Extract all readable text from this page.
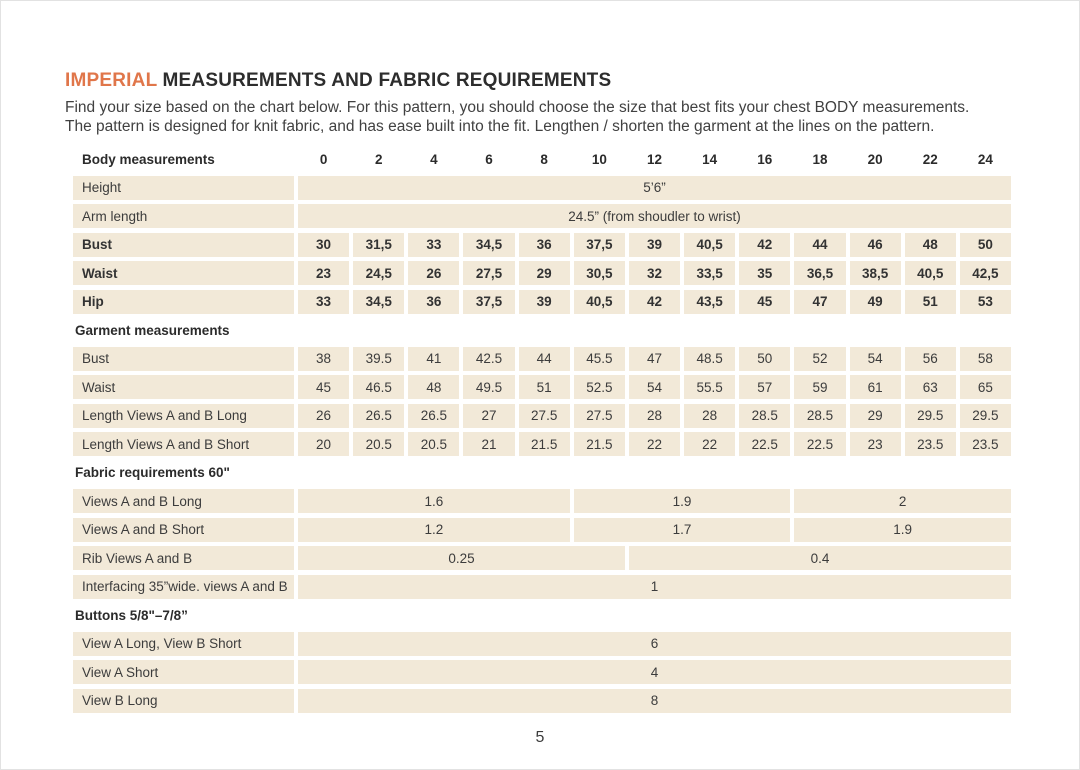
IMPERIAL MEASUREMENTS AND FABRIC REQUIREMENTS

Find your size based on the chart below. For this pattern, you should choose the size that best fits your chest BODY measurements.

The pattern is designed for knit fabric, and has ease built into the fit. Lengthen / shorten the garment at the lines on the pattern.

Body measurements	0	2	4	6	8	10	12	14	16	18	20	22	24
Height	5’6”
Arm length	24.5” (from shoudler to wrist)
Bust	30	31,5	33	34,5	36	37,5	39	40,5	42	44	46	48	50
Waist	23	24,5	26	27,5	29	30,5	32	33,5	35	36,5	38,5	40,5	42,5
Hip	33	34,5	36	37,5	39	40,5	42	43,5	45	47	49	51	53
Garment measurements
Bust	38	39.5	41	42.5	44	45.5	47	48.5	50	52	54	56	58
Waist	45	46.5	48	49.5	51	52.5	54	55.5	57	59	61	63	65
Length Views A and B Long	26	26.5	26.5	27	27.5	27.5	28	28	28.5	28.5	29	29.5	29.5
Length Views A and B Short	20	20.5	20.5	21	21.5	21.5	22	22	22.5	22.5	23	23.5	23.5
Fabric requirements 60"
Views A and B Long	1.6	1.9	2
Views A and B Short	1.2	1.7	1.9
Rib Views A and B	0.25	0.4
Interfacing 35”wide. views A and B	1
Buttons 5/8"–7/8”
View A Long, View B Short	6
View A Short	4
View B Long	8
5
